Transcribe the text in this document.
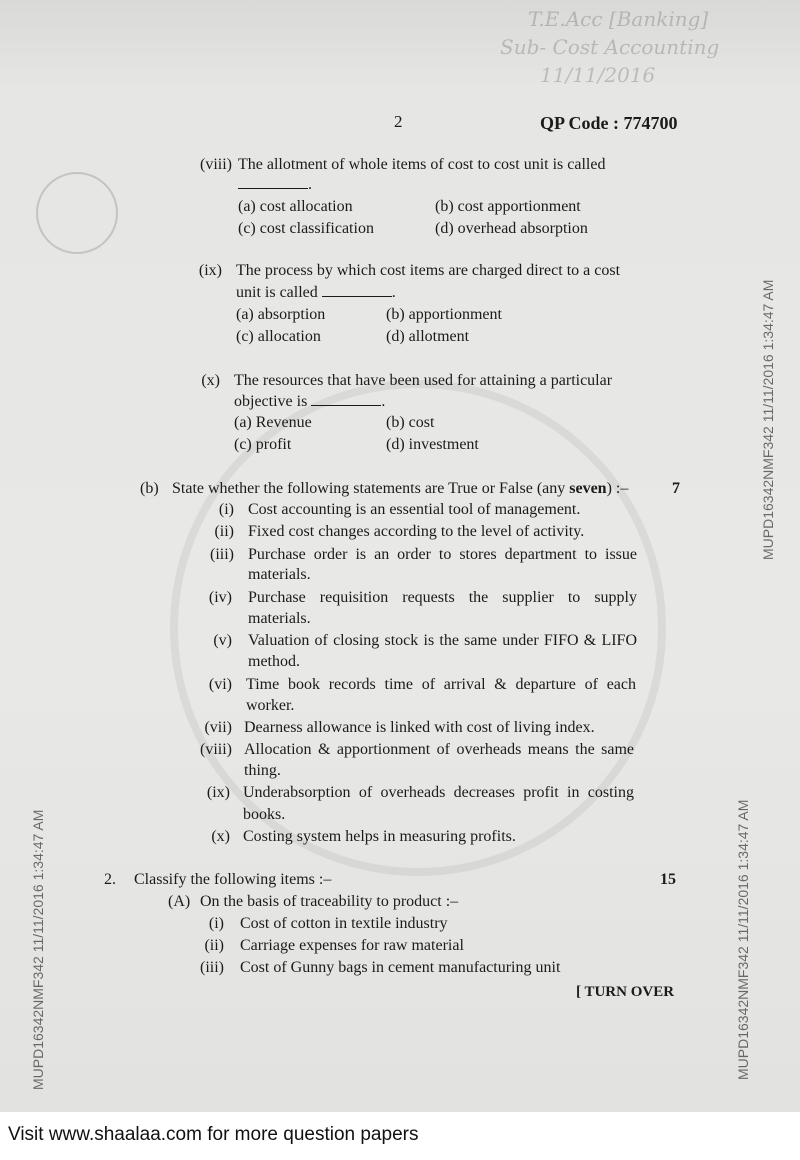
T.E.Acc [Banking]
Sub- Cost Accounting
11/11/2016
MUPD16342NMF342 11/11/2016 1:34:47 AM	MUPD16342NMF342 11/11/2016 1:34:47 AM
MUPD16342NMF342 11/11/2016 1:34:47 AM
2	QP Code : 774700
(viii) The allotment of whole items of cost to cost unit is called
.
(a) cost allocation	(b) cost apportionment
(c) cost classification	(d) overhead absorption
(ix) The process by which cost items are charged direct to a cost
unit is called	.
(a) absorption	(b) apportionment
(c) allocation	(d) allotment
(x) The resources that have been used for attaining a particular
objective is	.
(a) Revenue	(b) cost
(c) profit	(d) investment
(b) State whether the following statements are True or False (any seven) :–	7
(i) Cost accounting is an essential tool of management.
(ii) Fixed cost changes according to the level of activity.
(iii) Purchase order is an order to stores department to issue
materials.
(iv) Purchase requisition requests the supplier to supply
materials.
(v) Valuation of closing stock is the same under FIFO & LIFO
method.
(vi) Time book records time of arrival & departure of each
worker.
(vii) Dearness allowance is linked with cost of living index.
(viii) Allocation & apportionment of overheads means the same
thing.
(ix) Underabsorption of overheads decreases profit in costing
books.
(x) Costing system helps in measuring profits.
2. Classify the following items :–	15
(A) On the basis of traceability to product :–
(i) Cost of cotton in textile industry
(ii) Carriage expenses for raw material
(iii) Cost of Gunny bags in cement manufacturing unit
[ TURN OVER
Visit www.shaalaa.com for more question papers
